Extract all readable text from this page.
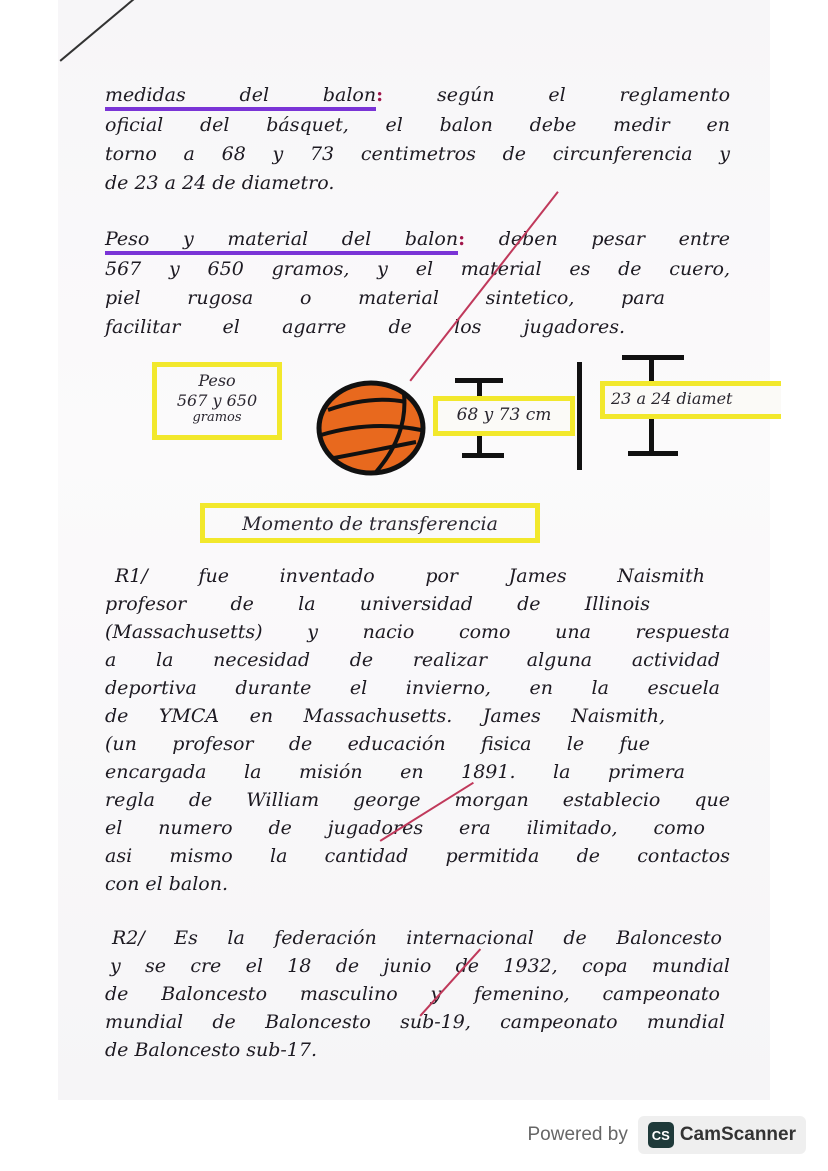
medidas del balon:	según el reglamento
oficial del básquet, el balon debe medir en
torno a 68 y 73 centimetros de circunferencia y
de 23 a 24 de diametro.
Peso y material del balon: deben pesar entre
567 y 650 gramos, y el material es de cuero,
piel rugosa o material sintetico, para
facilitar el agarre de los jugadores.
Peso
567 y 650
gramos	68 y 73 cm
23 a 24 diamet
Momento de transferencia
R1/ fue inventado por James Naismith
profesor de la universidad de Illinois
(Massachusetts) y nacio como una respuesta
a la necesidad de realizar alguna actividad
deportiva durante el invierno, en la escuela
de YMCA en Massachusetts. James Naismith,
(un profesor de educación fisica le fue
encargada la misión en 1891. la primera
regla de William george morgan establecio que
el numero de jugadores era ilimitado, como
asi mismo la cantidad permitida de contactos
con el balon.
R2/ Es la federación internacional de Baloncesto
y se cre el 18 de junio de 1932, copa mundial
de Baloncesto masculino y femenino, campeonato
mundial de Baloncesto sub-19, campeonato mundial
de Baloncesto sub-17.
Powered by	CS CamScanner
